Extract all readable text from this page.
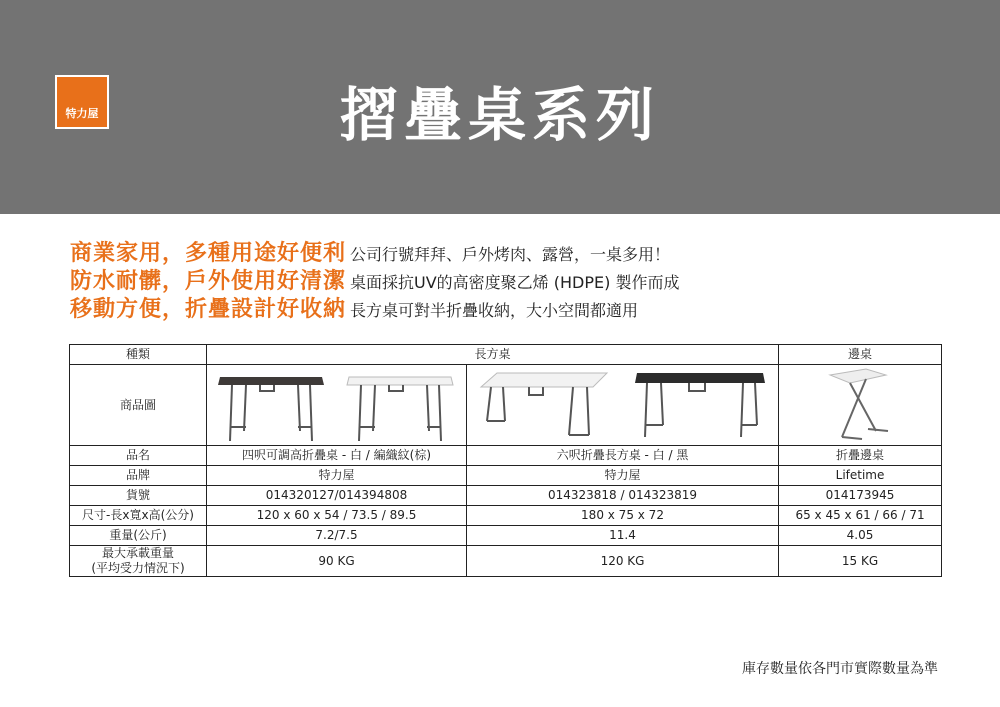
特力屋	摺疊桌系列
商業家用，多種用途好便利 公司行號拜拜、戶外烤肉、露營，一桌多用！
防水耐髒，戶外使用好清潔 桌面採抗UV的高密度聚乙烯 (HDPE) 製作而成
移動方便，折疊設計好收納 長方桌可對半折疊收納，大小空間都適用
種類	長方桌		邊桌
商品圖	

品名	四呎可調高折疊桌 - 白 / 編織紋(棕)	六呎折疊長方桌 - 白 / 黑	折疊邊桌
品牌	特力屋	特力屋	Lifetime
貨號	014320127/014394808	014323818 / 014323819	014173945
尺寸-長x寬x高(公分)	120 x 60 x 54 / 73.5 / 89.5	180 x 75 x 72	65 x 45 x 61 / 66 / 71
重量(公斤)	7.2/7.5	11.4	4.05
最大承載重量
(平均受力情況下)	90 KG	120 KG	15 KG
庫存數量依各門市實際數量為準
